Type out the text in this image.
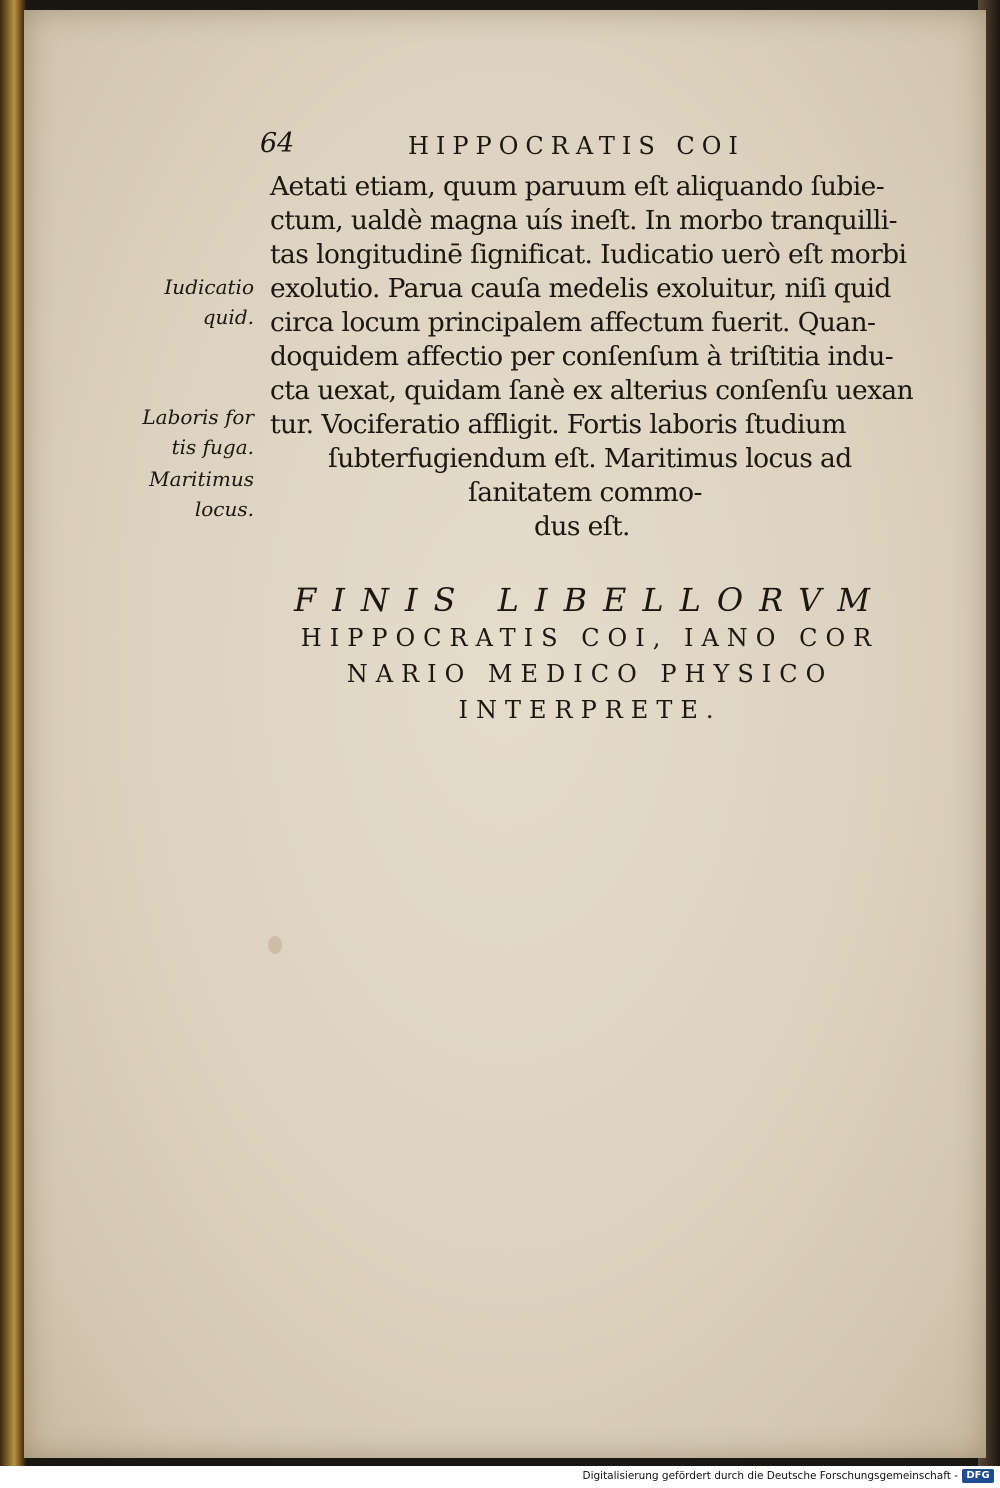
64	HIPPOCRATIS COI
Iudicatio
quid.
Laboris for
tis fuga.
Maritimus
locus.
Aetati etiam, quum paruum eſt aliquando ſubie-
ctum, ualdè magna uís ineſt. In morbo tranquilli-
tas longitudinē ſignificat. Iudicatio uerò eſt morbi
exolutio. Parua cauſa medelis exoluitur, niſi quid
circa locum principalem affectum fuerit. Quan-
doquidem affectio per conſenſum à triſtitia indu-
cta uexat, quidam ſanè ex alterius conſenſu uexan
tur. Vociferatio affligit. Fortis laboris ſtudium
ſubterfugiendum eſt. Maritimus locus ad
ſanitatem commo-
dus eſt.
FINIS LIBELLORVM
HIPPOCRATIS COI, IANO COR
NARIO MEDICO PHYSICO
INTERPRETE.
Digitalisierung gefördert durch die Deutsche Forschungsgemeinschaft - DFG
